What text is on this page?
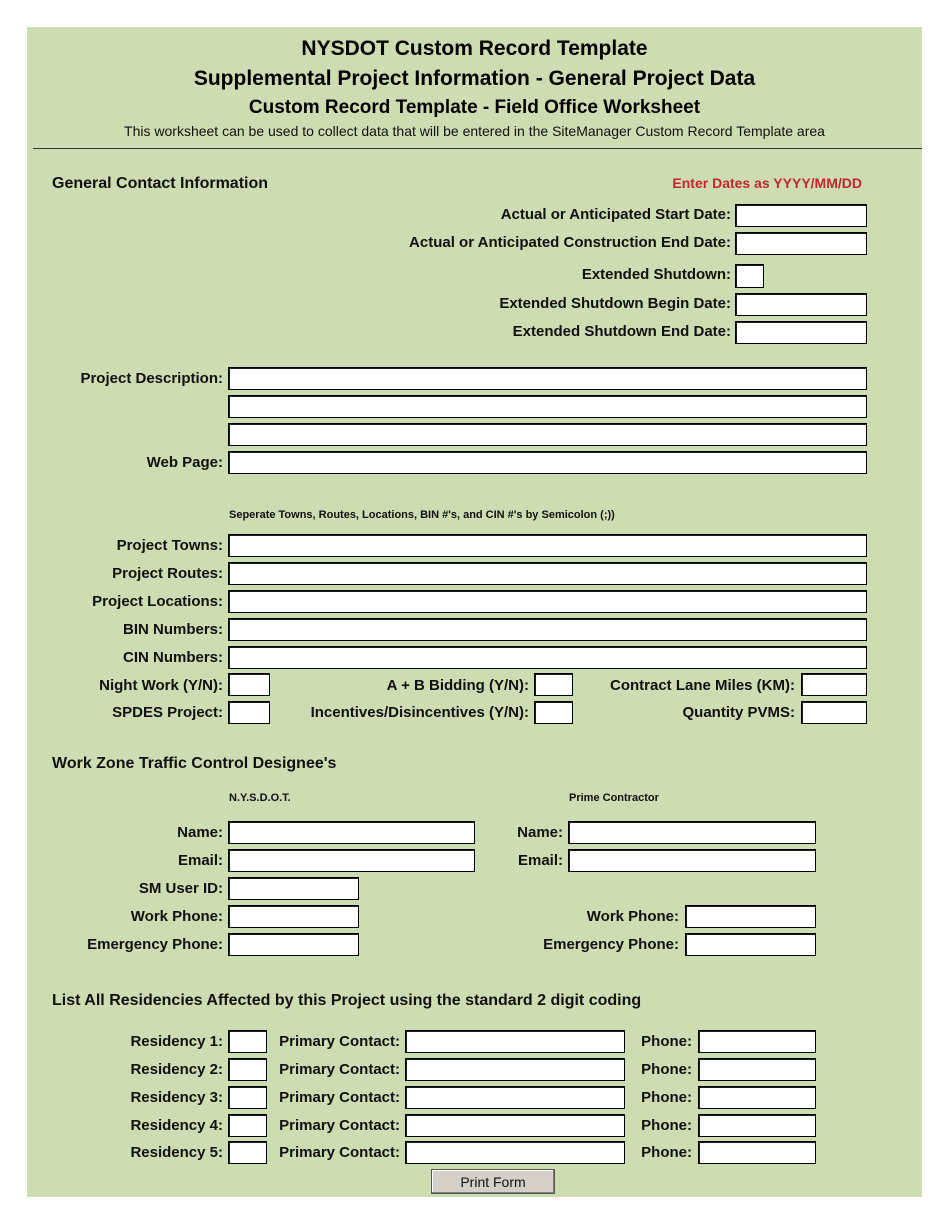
NYSDOT Custom Record Template
Supplemental Project Information - General Project Data
Custom Record Template - Field Office Worksheet
This worksheet can be used to collect data that will be entered in the SiteManager Custom Record Template area
General Contact Information	Enter Dates as YYYY/MM/DD
Actual or Anticipated Start Date:
Actual or Anticipated Construction End Date:
Extended Shutdown:
Extended Shutdown Begin Date:
Extended Shutdown End Date:
Project Description:
Web Page:
Seperate Towns, Routes, Locations, BIN #'s, and CIN #'s by Semicolon (;))
Project Towns:
Project Routes:
Project Locations:
BIN Numbers:
CIN Numbers:
Night Work (Y/N):	A + B Bidding (Y/N):	Contract Lane Miles (KM):
SPDES Project:	Incentives/Disincentives (Y/N):	Quantity PVMS:
Work Zone Traffic Control Designee's
N.Y.S.D.O.T.	Prime Contractor
Name:	Name:
Email:	Email:
SM User ID:
Work Phone:	Work Phone:
Emergency Phone:	Emergency Phone:
List All Residencies Affected by this Project using the standard 2 digit coding
Residency 1:	Primary Contact:	Phone:
Residency 2:	Primary Contact:	Phone:
Residency 3:	Primary Contact:	Phone:
Residency 4:	Primary Contact:	Phone:
Residency 5:	Primary Contact:	Phone:
Print Form
